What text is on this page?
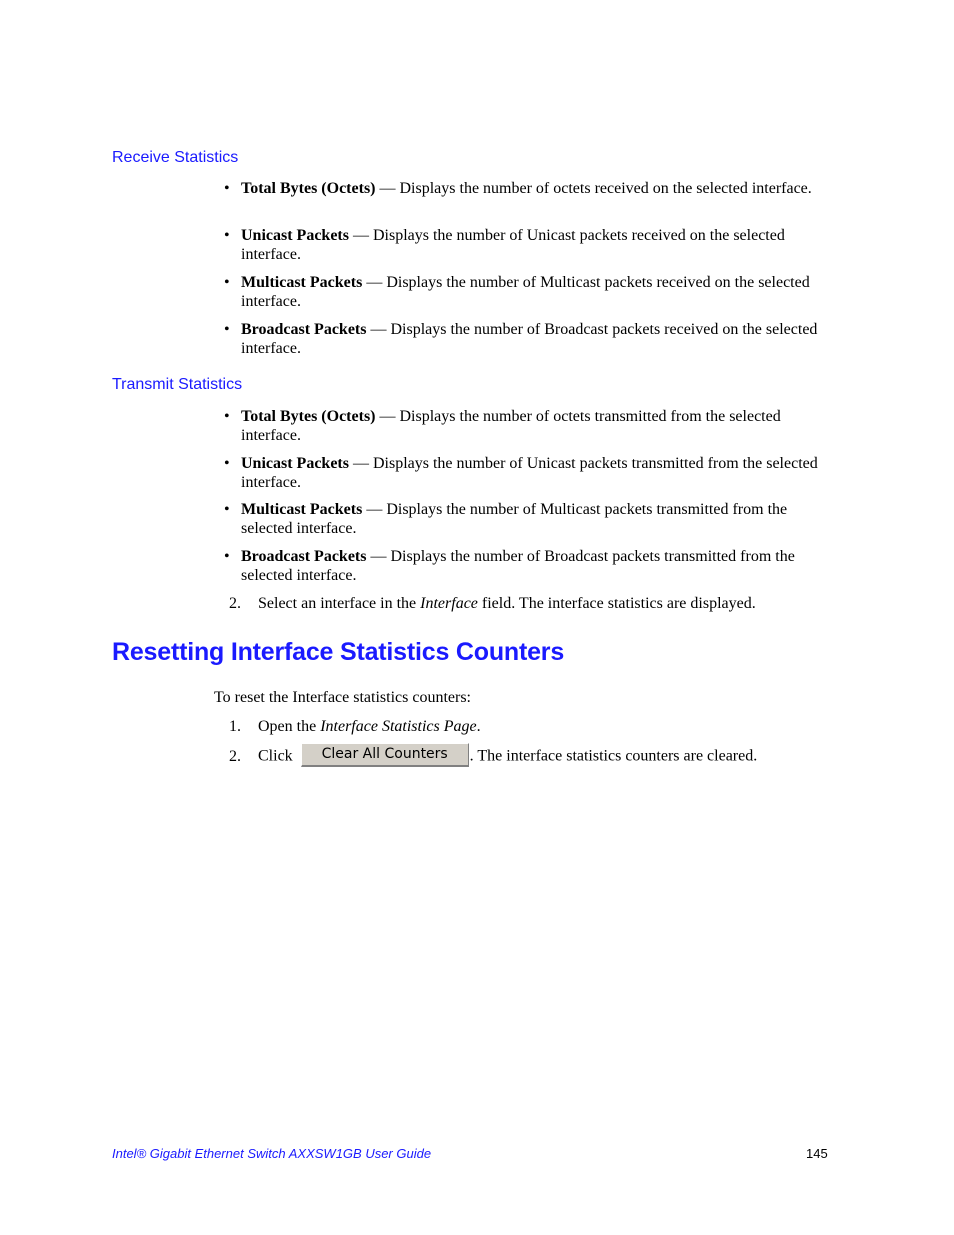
Receive Statistics
• Total Bytes (Octets) — Displays the number of octets received on the selected interface.
• Unicast Packets — Displays the number of Unicast packets received on the selected interface.
• Multicast Packets — Displays the number of Multicast packets received on the selected interface.
• Broadcast Packets — Displays the number of Broadcast packets received on the selected interface.
Transmit Statistics
• Total Bytes (Octets) — Displays the number of octets transmitted from the selected interface.
• Unicast Packets — Displays the number of Unicast packets transmitted from the selected interface.
• Multicast Packets — Displays the number of Multicast packets transmitted from the selected interface.
• Broadcast Packets — Displays the number of Broadcast packets transmitted from the selected interface.
2. Select an interface in the Interface field. The interface statistics are displayed.
Resetting Interface Statistics Counters
To reset the Interface statistics counters:
1. Open the Interface Statistics Page.
2. Click Clear All Counters . The interface statistics counters are cleared.
Intel® Gigabit Ethernet Switch AXXSW1GB User Guide	145
